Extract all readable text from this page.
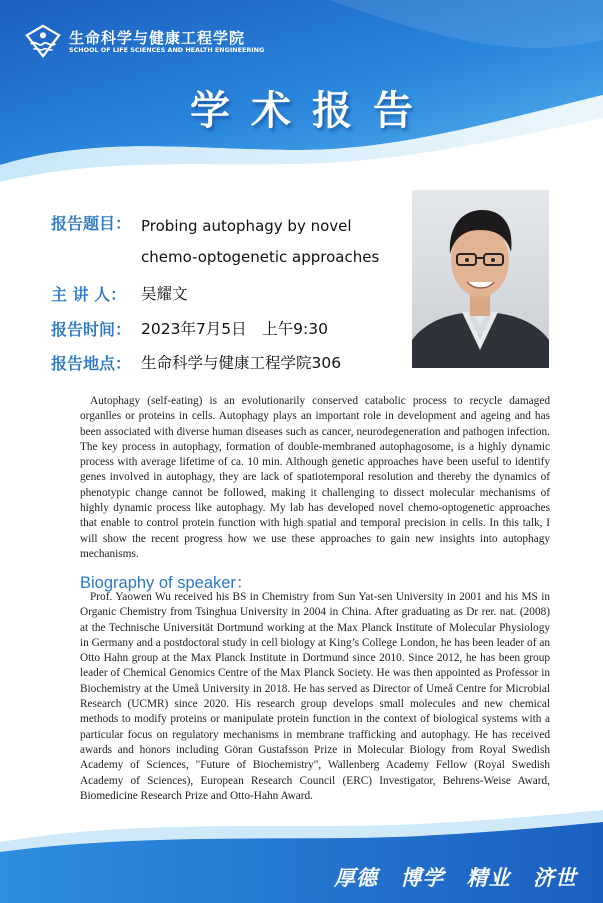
生命科学与健康工程学院
SCHOOL OF LIFE SCIENCES AND HEALTH ENGINEERING
学术报告
报告题目： Probing autophagy by novel
chemo-optogenetic approaches
主 讲 人： 吴耀文
报告时间： 2023年7月5日　上午9:30
报告地点： 生命科学与健康工程学院306
Autophagy (self-eating) is an evolutionarily conserved catabolic process to recycle damaged organlles or proteins in cells. Autophagy plays an important role in development and ageing and has been associated with diverse human diseases such as cancer, neurodegeneration and pathogen infection. The key process in autophagy, formation of double-membraned autophagosome, is a highly dynamic process with average lifetime of ca. 10 min. Although genetic approaches have been useful to identify genes involved in autophagy, they are lack of spatiotemporal resolution and thereby the dynamics of phenotypic change cannot be followed, making it challenging to dissect molecular mechanisms of highly dynamic process like autophagy. My lab has developed novel chemo-optogenetic approaches that enable to control protein function with high spatial and temporal precision in cells. In this talk, I will show the recent progress how we use these approaches to gain new insights into autophagy mechanisms.
Biography of speaker：
Prof. Yaowen Wu received his BS in Chemistry from Sun Yat-sen University in 2001 and his MS in Organic Chemistry from Tsinghua University in 2004 in China. After graduating as Dr rer. nat. (2008) at the Technische Universität Dortmund working at the Max Planck Institute of Molecular Physiology in Germany and a postdoctoral study in cell biology at King’s College London, he has been leader of an Otto Hahn group at the Max Planck Institute in Dortmund since 2010. Since 2012, he has been group leader of Chemical Genomics Centre of the Max Planck Society. He was then appointed as Professor in Biochemistry at the Umeå University in 2018. He has served as Director of Umeå Centre for Microbial Research (UCMR) since 2020. His research group develops small molecules and new chemical methods to modify proteins or manipulate protein function in the context of biological systems with a particular focus on regulatory mechanisms in membrane trafficking and autophagy. He has received awards and honors including Göran Gustafsson Prize in Molecular Biology from Royal Swedish Academy of Sciences, "Future of Biochemistry", Wallenberg Academy Fellow (Royal Swedish Academy of Sciences), European Research Council (ERC) Investigator, Behrens-Weise Award, Biomedicine Research Prize and Otto-Hahn Award.
厚德 博学 精业 济世
